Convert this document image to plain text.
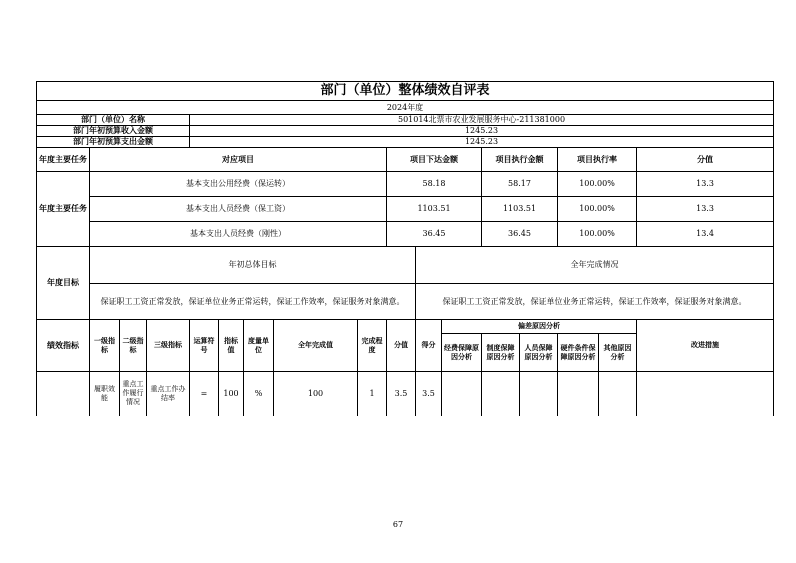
部门（单位）整体绩效自评表																	
2024年度																	
部门（单位）名称				501014北票市农业发展服务中心-211381000													
部门年初预算收入金额				1245.23													
部门年初预算支出金额				1245.23													
年度主要任务	对应项目								项目下达金额			项目执行金额		项目执行率		分值	
年度主要任务	基本支出公用经费（保运转）								58.18			58.17		100.00%		13.3	
	基本支出人员经费（保工资）								1103.51			1103.51		100.00%		13.3	
	基本支出人员经费（刚性）								36.45			36.45		100.00%		13.4	
年度目标	年初总体目标									全年完成情况							
	保证职工工资正常发放，保证单位业务正常运转，保证工作效率，保证服务对象满意。									保证职工工资正常发放，保证单位业务正常运转，保证工作效率，保证服务对象满意。							
绩效指标	一级指标	二级指标	三级指标	运算符号	指标值	度量单位	全年完成值	完成程度	分值	得分	偏差原因分析					改进措施	
											经费保障原因分析	制度保障原因分析	人员保障原因分析	硬件条件保障原因分析	其他原因分析		
	履职效能	重点工作履行情况	重点工作办结率	=	100	%	100	1	3.5	3.5							
67
